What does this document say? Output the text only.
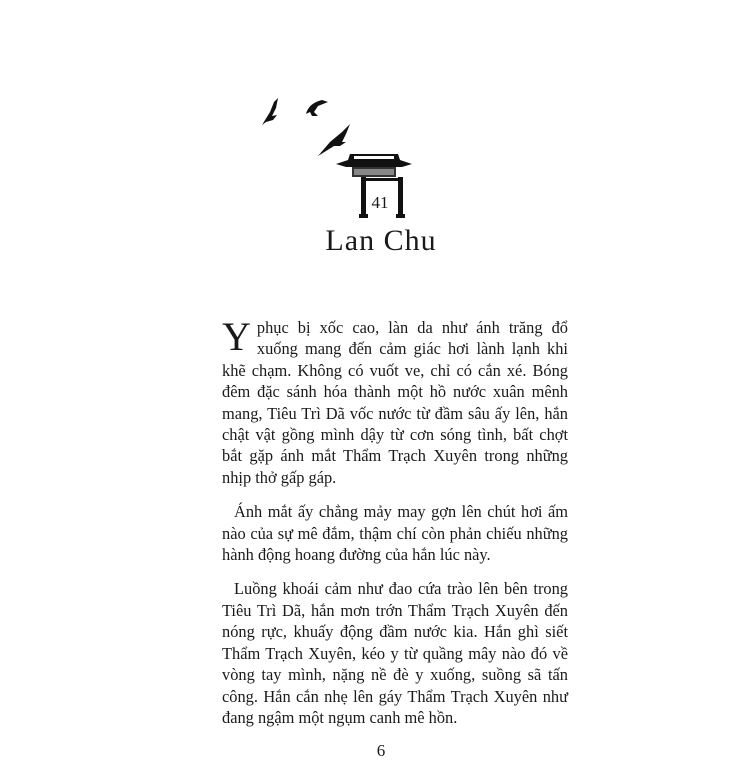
41
Lan Chu

Yphục bị xốc cao, làn da như ánh trăng đổ xuống mang đến cảm giác hơi lành lạnh khi khẽ chạm. Không có vuốt ve, chỉ có cắn xé. Bóng đêm đặc sánh hóa thành một hồ nước xuân mênh mang, Tiêu Trì Dã vốc nước từ đầm sâu ấy lên, hắn chật vật gồng mình dậy từ cơn sóng tình, bất chợt bắt gặp ánh mắt Thẩm Trạch Xuyên trong những nhịp thở gấp gáp.

Ánh mắt ấy chẳng mảy may gợn lên chút hơi ấm nào của sự mê đắm, thậm chí còn phản chiếu những hành động hoang đường của hắn lúc này.

Luồng khoái cảm như đao cứa trào lên bên trong Tiêu Trì Dã, hắn mơn trớn Thẩm Trạch Xuyên đến nóng rực, khuấy động đầm nước kia. Hắn ghì siết Thẩm Trạch Xuyên, kéo y từ quầng mây nào đó về vòng tay mình, nặng nề đè y xuống, suồng sã tấn công. Hắn cắn nhẹ lên gáy Thẩm Trạch Xuyên như đang ngậm một ngụm canh mê hồn.

6
